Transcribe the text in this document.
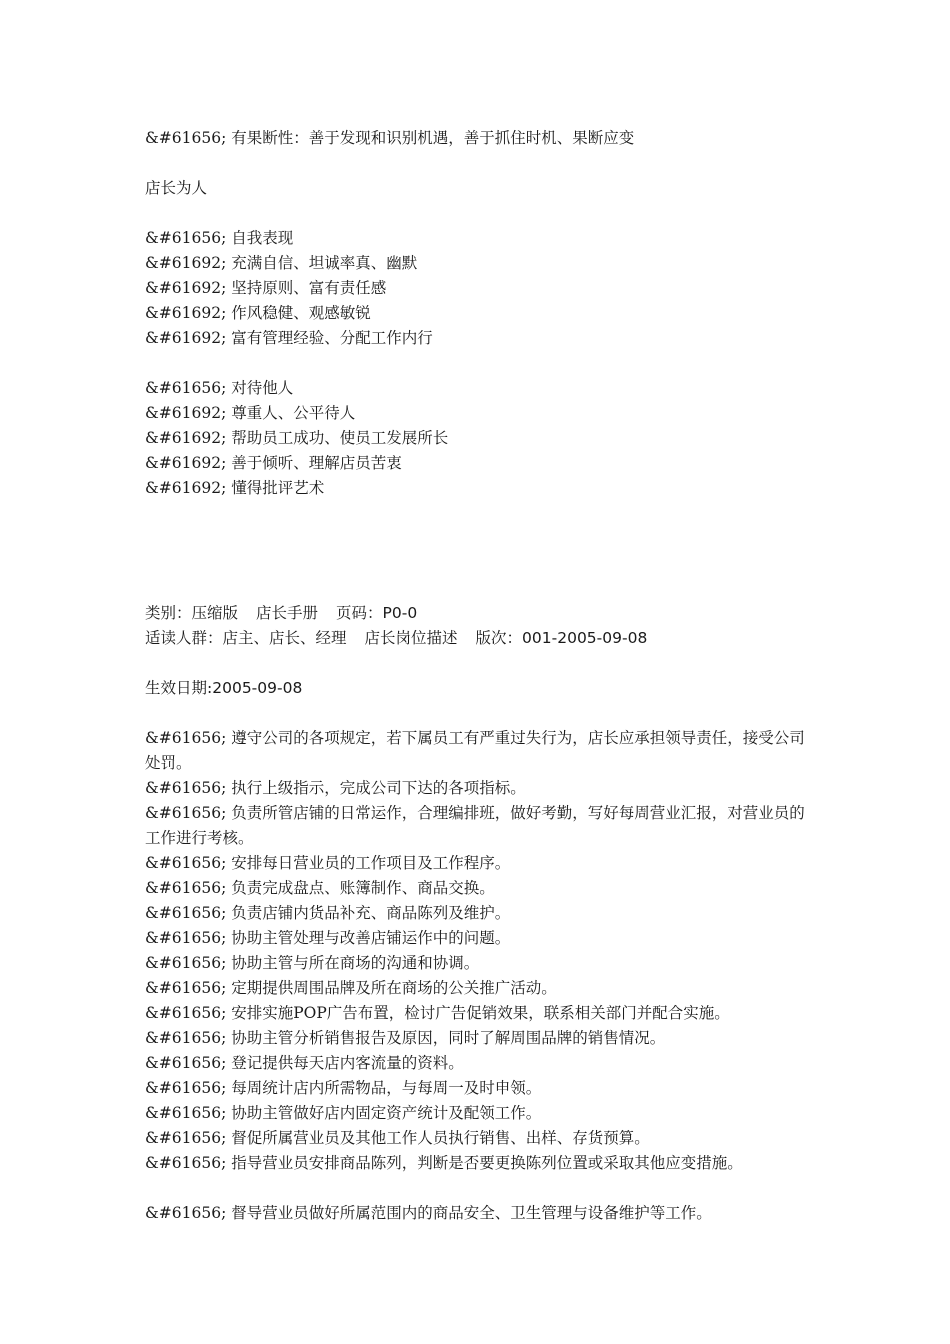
&#61656; 有果断性：善于发现和识别机遇，善于抓住时机、果断应变
店长为人
&#61656; 自我表现
&#61692; 充满自信、坦诚率真、幽默
&#61692; 坚持原则、富有责任感
&#61692; 作风稳健、观感敏锐
&#61692; 富有管理经验、分配工作内行
&#61656; 对待他人
&#61692; 尊重人、公平待人
&#61692; 帮助员工成功、使员工发展所长
&#61692; 善于倾听、理解店员苦衷
&#61692; 懂得批评艺术
类别：压缩版 店长手册 页码：P0-0
适读人群：店主、店长、经理 店长岗位描述 版次：001-2005-09-08
生效日期:2005-09-08
&#61656; 遵守公司的各项规定，若下属员工有严重过失行为，店长应承担领导责任，接受公司处罚。
&#61656; 执行上级指示，完成公司下达的各项指标。
&#61656; 负责所管店铺的日常运作，合理编排班，做好考勤，写好每周营业汇报，对营业员的工作进行考核。
&#61656; 安排每日营业员的工作项目及工作程序。
&#61656; 负责完成盘点、账簿制作、商品交换。
&#61656; 负责店铺内货品补充、商品陈列及维护。
&#61656; 协助主管处理与改善店铺运作中的问题。
&#61656; 协助主管与所在商场的沟通和协调。
&#61656; 定期提供周围品牌及所在商场的公关推广活动。
&#61656; 安排实施POP广告布置，检讨广告促销效果，联系相关部门并配合实施。
&#61656; 协助主管分析销售报告及原因，同时了解周围品牌的销售情况。
&#61656; 登记提供每天店内客流量的资料。
&#61656; 每周统计店内所需物品，与每周一及时申领。
&#61656; 协助主管做好店内固定资产统计及配领工作。
&#61656; 督促所属营业员及其他工作人员执行销售、出样、存货预算。
&#61656; 指导营业员安排商品陈列，判断是否要更换陈列位置或采取其他应变措施。
&#61656; 督导营业员做好所属范围内的商品安全、卫生管理与设备维护等工作。
